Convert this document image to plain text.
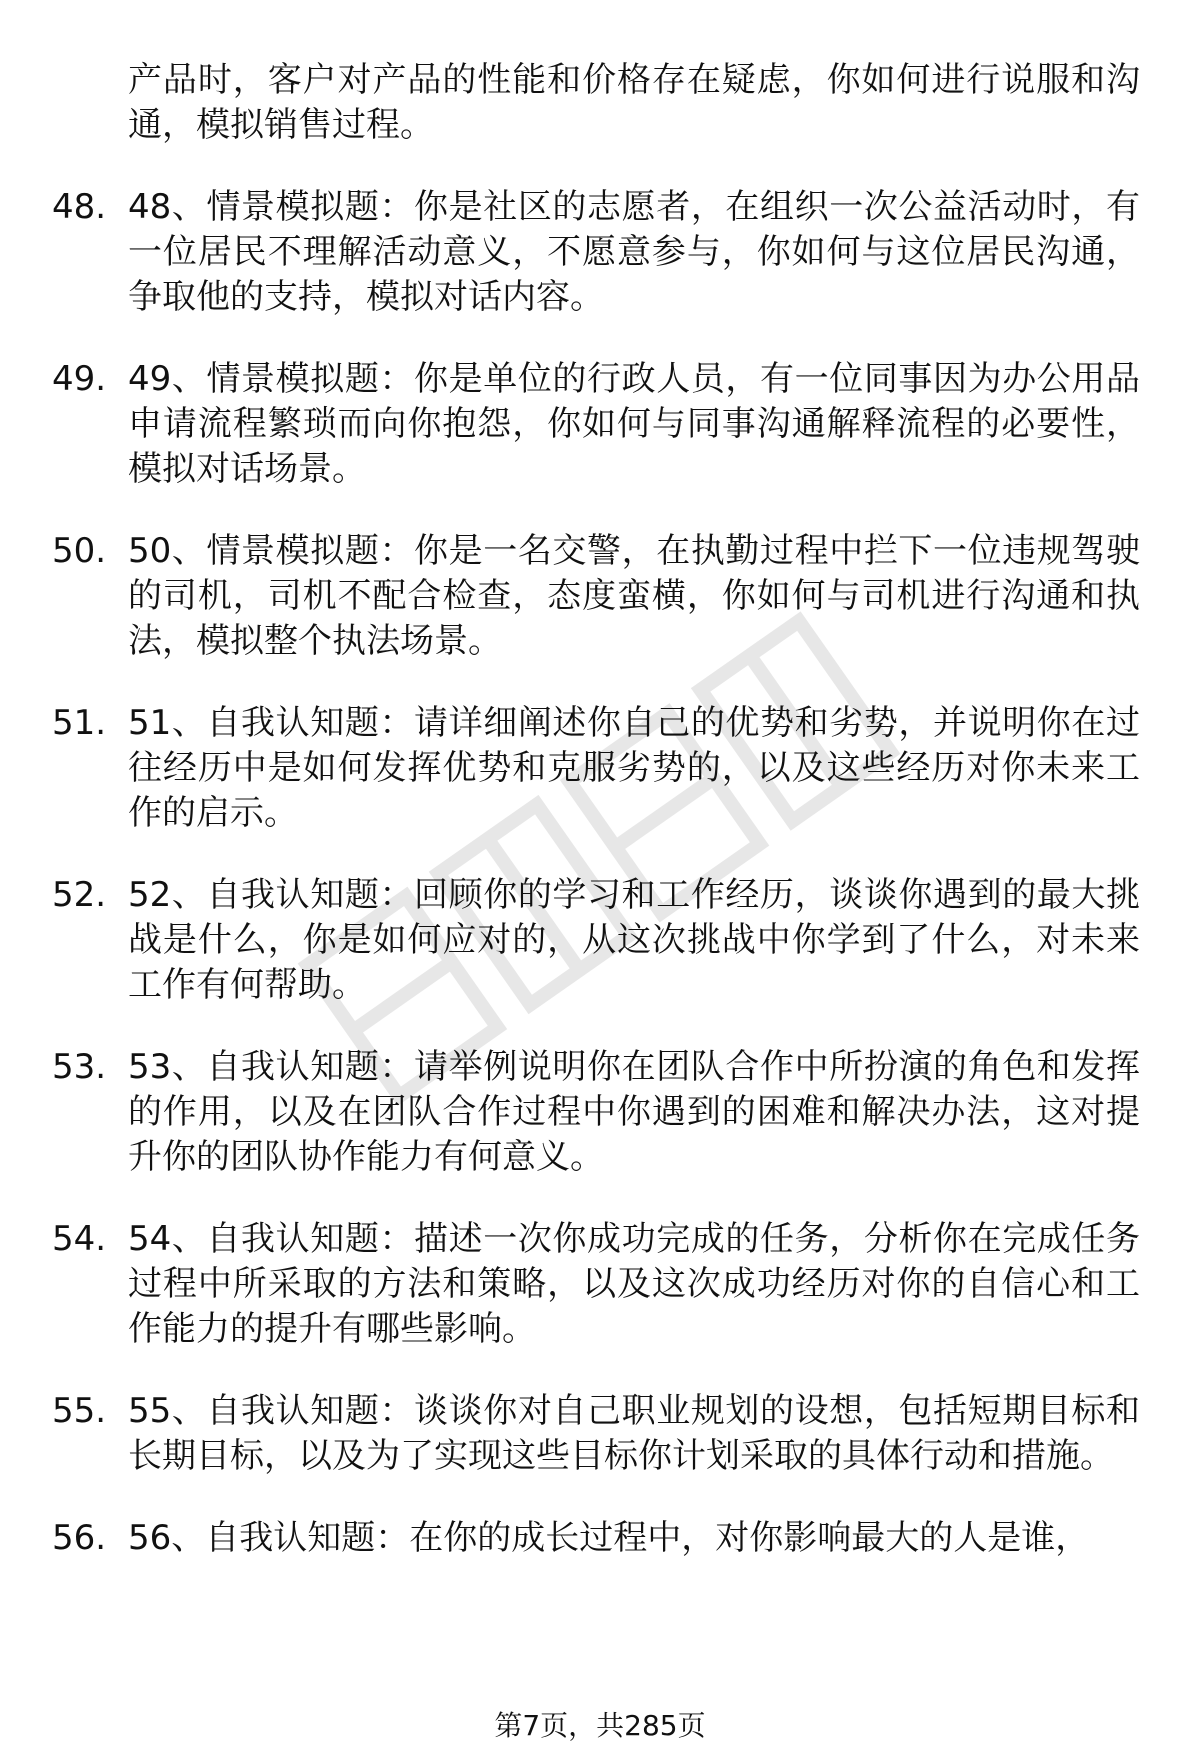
产品时，客户对产品的性能和价格存在疑虑，你如何进行说服和沟通，模拟销售过程。
48. 48、情景模拟题：你是社区的志愿者，在组织一次公益活动时，有一位居民不理解活动意义，不愿意参与，你如何与这位居民沟通，争取他的支持，模拟对话内容。
49. 49、情景模拟题：你是单位的行政人员，有一位同事因为办公用品申请流程繁琐而向你抱怨，你如何与同事沟通解释流程的必要性，模拟对话场景。
50. 50、情景模拟题：你是一名交警，在执勤过程中拦下一位违规驾驶的司机，司机不配合检查，态度蛮横，你如何与司机进行沟通和执法，模拟整个执法场景。
51. 51、自我认知题：请详细阐述你自己的优势和劣势，并说明你在过往经历中是如何发挥优势和克服劣势的，以及这些经历对你未来工作的启示。
52. 52、自我认知题：回顾你的学习和工作经历，谈谈你遇到的最大挑战是什么，你是如何应对的，从这次挑战中你学到了什么，对未来工作有何帮助。
53. 53、自我认知题：请举例说明你在团队合作中所扮演的角色和发挥的作用，以及在团队合作过程中你遇到的困难和解决办法，这对提升你的团队协作能力有何意义。
54. 54、自我认知题：描述一次你成功完成的任务，分析你在完成任务过程中所采取的方法和策略，以及这次成功经历对你的自信心和工作能力的提升有哪些影响。
55. 55、自我认知题：谈谈你对自己职业规划的设想，包括短期目标和长期目标，以及为了实现这些目标你计划采取的具体行动和措施。
56. 56、自我认知题：在你的成长过程中，对你影响最大的人是谁，
第7页，共285页
